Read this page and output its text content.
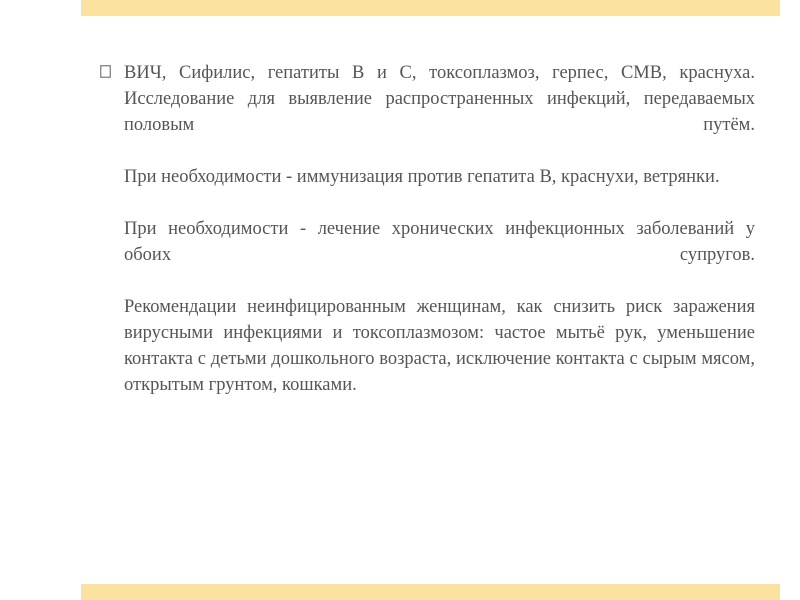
ВИЧ, Сифилис, гепатиты В и С, токсоплазмоз, герпес, СМВ, краснуха. Исследование для выявление распространенных инфекций, передаваемых половым путём.

При необходимости - иммунизация против гепатита В, краснухи, ветрянки.

При необходимости - лечение хронических инфекционных заболеваний у обоих супругов.

Рекомендации неинфицированным женщинам, как снизить риск заражения вирусными инфекциями и токсоплазмозом: частое мытьё рук, уменьшение контакта с детьми дошкольного возраста, исключение контакта с сырым мясом, открытым грунтом, кошками.
